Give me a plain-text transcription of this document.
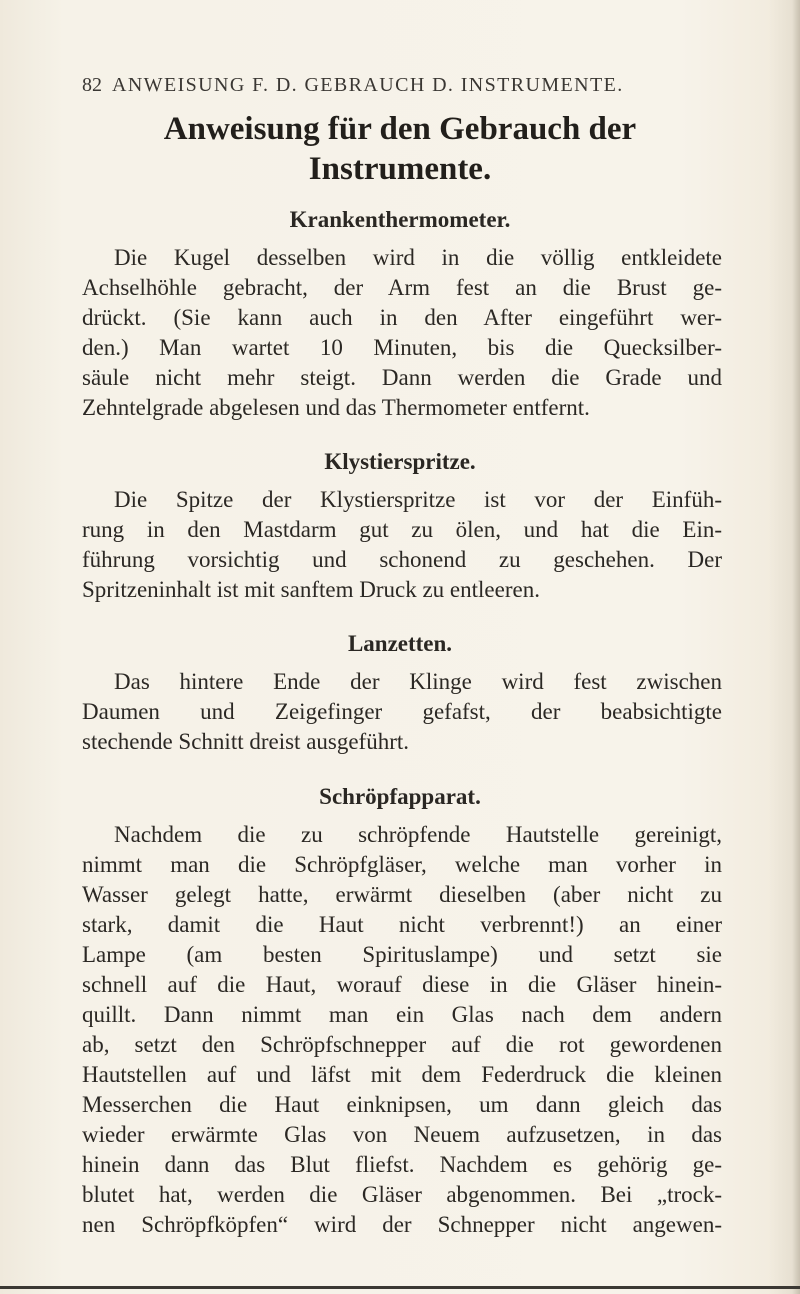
82 ANWEISUNG F. D. GEBRAUCH D. INSTRUMENTE.
Anweisung für den Gebrauch der
Instrumente.
Krankenthermometer.
Die Kugel desselben wird in die völlig entkleidete
Achselhöhle gebracht, der Arm fest an die Brust ge-
drückt. (Sie kann auch in den After eingeführt wer-
den.) Man wartet 10 Minuten, bis die Quecksilber-
säule nicht mehr steigt. Dann werden die Grade und
Zehntelgrade abgelesen und das Thermometer entfernt.
Klystierspritze.
Die Spitze der Klystierspritze ist vor der Einfüh-
rung in den Mastdarm gut zu ölen, und hat die Ein-
führung vorsichtig und schonend zu geschehen. Der
Spritzeninhalt ist mit sanftem Druck zu entleeren.
Lanzetten.
Das hintere Ende der Klinge wird fest zwischen
Daumen und Zeigefinger gefafst, der beabsichtigte
stechende Schnitt dreist ausgeführt.
Schröpfapparat.
Nachdem die zu schröpfende Hautstelle gereinigt,
nimmt man die Schröpfgläser, welche man vorher in
Wasser gelegt hatte, erwärmt dieselben (aber nicht zu
stark, damit die Haut nicht verbrennt!) an einer
Lampe (am besten Spirituslampe) und setzt sie
schnell auf die Haut, worauf diese in die Gläser hinein-
quillt. Dann nimmt man ein Glas nach dem andern
ab, setzt den Schröpfschnepper auf die rot gewordenen
Hautstellen auf und läfst mit dem Federdruck die kleinen
Messerchen die Haut einknipsen, um dann gleich das
wieder erwärmte Glas von Neuem aufzusetzen, in das
hinein dann das Blut fliefst. Nachdem es gehörig ge-
blutet hat, werden die Gläser abgenommen. Bei „trock-
nen Schröpfköpfen“ wird der Schnepper nicht angewen-
